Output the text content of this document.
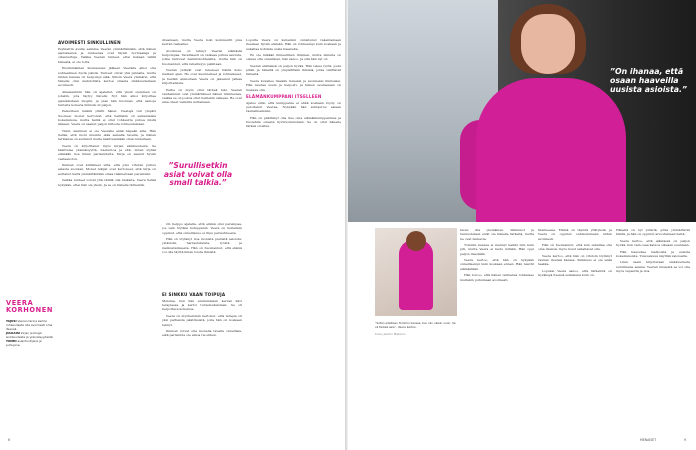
AVOIMESTI SINKULLINEN

Psykiatrin avulla saimme Veeran ymmärtämään, että hänen ajatuksensa ja tunteensa ovat täysin normaaleja ja oikeutettuja. Vaikka Veeran tunteet, ettei kukaan välitä hänestä, ei ole totta.

Ensimmäisten kuukausien jälkeen Veeralla alkoi olla suhteellisen hyviä päiviä. Tunteet olivat yhä pinnalla, mutta niiden kanssa oli helpompi elää. Silloin Veera ymmärsi, että hänelle olisi mahdollista kertoa omasta sinkkuudestaan avoimesti.

Aikaisemmin hän oli ajatellut, että yksin oleminen on jotakin, jota täytyy hävetä. Nyt hän alkoi kirjoittaa ajatuksistaan blogiin, ja pian hän huomasi, että samoja tunteita kokevia ihmisiä oli paljon.

Palautteen määrä yllätti hänet. Viestejä tuli ympäri Suomea: monet kertoivat, että heilläkin oli samanlaisia kokemuksia, mutta heillä ei ollut rohkeutta puhua niistä ääneen. Veera on saanut paljon kiitosta rohkeudestaan.

Yksin oleminen ei ole Veeralle enää häpeän aihe. Hän tietää, että moni muukin elää samalla tavalla, ja hänen tarinansa on auttanut muita käsittelemään omia tunteitaan.

Veera on kirjoittanut myös kirjan sinkkuudesta. Se käsittelee yksinäisyyttä, itsetuntoa ja sitä, miten löytää elämään iloa ilman parisuhdetta. Kirja on saanut hyvän vastaanoton.

Ihmiset ovat kiittäneet siitä, että joku vihdoin puhuu asiasta suoraan. Monet lukijat ovat kertoneet, että kirja on auttanut heitä ymmärtämään omaa tilannettaan paremmin.

Vaikka tunteet voivat yhä välillä olla raskaita, Veera tietää nykyään, ettei hän ole yksin. Ja se on hänelle tärkeintä.

dreamaan, mutta Veera koki kommentit joka kerran raskaiksi.

Avoimuus on tehnyt Veeran elämästä helpompaa. Tavallisesti on vaikeaa puhua asioista, jotka tuntuvat henkilökohtaisilta, mutta hän on huomannut, että rehellisyys palkitaan.

Veeran ystävät ovat tukeneet häntä koko matkan ajan. He ovat kuunnelleet ja rohkaisseet, ja heidän ansiostaan Veera on jaksanut jatkaa kirjoittamista.

Perhe on myös ollut tärkeä tuki. Veeran vanhemmat ovat ymmärtäneet hänen tilanteensa, vaikka se on joskus ollut heillekin vaikeaa. He ovat aina olleet valmiita auttamaan.

”Surullisetkin asiat voivat olla small talkia.”

On helppo ajatella, että elämä olisi parempaa, jos vain löytäisi kumppanin. Veera on kuitenkin oppinut, että onnellisuus ei riipu parisuhteesta.

Hän on löytänyt iloa monista pienistä asioista: ystävistä, harrastuksista, työstä ja matkustamisesta. Hän on huomannut, että elämä voi olla täyttä ilman toista ihmistä.

Lopulta Veera on kuitenkin onnistunut rakentamaan itselleen hyvän elämän. Hän on rohkeampi kuin koskaan ja uskaltaa kohdata uusia haasteita.

En ole mikään ihmeellinen ihminen, mutta minulla on oikeus olla onnellinen, hän sanoo. Ja sitä hän nyt on.

Veeran elämässä on paljon hyvää. Hän tekee työtä, josta pitää, ja hänellä on ympärillään ihmisiä, jotka välittävät hänestä.

Veera kuvailee itseään iloiseksi ja avoimeksi ihmiseksi. Hän nauraa usein ja helposti, ja hänen seurassaan on mukava olla.

ELÄMÄNKUMPPANI ITSELLEEN

Ajatus siitä, että kumppania ei ehkä koskaan löydy, on pelottanut Veeraa. Nykyään hän suhtautuu asiaan rauhallisemmin.

Hän on päättänyt olla itse oma elämänkumppaninsa ja huolehtia omasta hyvinvoinnistaan. Se on ollut hänelle tärkeä oivallus.

EI SINKKU VAAN TOIPUJA

Muistaa, kun hän ensimmäisen kerran kävi terapiassa ja kertoi tuntemuksistaan. Se oli helpottava kokemus.

Veera on myöhemmin kertonut, että terapia oli yksi parhaista päätöksistä, joita hän on koskaan tehnyt.

Ihmiset voivat olla monella tavalla onnellisia, eikä parisuhde ole ainoa tie siihen.

VEERA
KORHONEN
TAJUSI Veeran tarina kertoo rohkeudesta olla avoimesti oma itsensä.
JULKAISI kirjan ja blogin sinkkuudesta ja yksinäisyydestä.
TOIMII asiantuntijana ja puhujana.
6
”On ihanaa, että osaan haaveilla uusista asioista.”
”Sotan edellisen Tommin kanssa, kun olin oikein nuori. Se oli tärkeä asia”, Veera kertoo.
Kuva: Jasmin Mäkinen

kiven olla yksinäinen. Palkinnot ja tunnustukset eivät ole hänelle tärkeitä, mutta ne ovat mukavia.

Tommin kanssa ei mennyt kaikki niin kuin piti, mutta Veera ei kadu mitään. Hän oppi paljon itsestään.

Veera kertoo, että hän on nykyään onnellisempi kuin koskaan ennen. Hän nauttii elämästään.

Hän toivoo, että hänen tarinansa rohkaisee muitakin puhumaan avoimesti.

tilanteessa. Elämä on täynnä yllätyksiä, ja Veera on oppinut suhtautumaan niihin avoimesti.

Hän on huomannut, että kun uskaltaa olla oma itsensä, myös muut uskaltavat olla.

Veera kertoo, että hän on vihdoin löytänyt rauhan itsensä kanssa. Sinkkuus ei ole enää taakka.

Lopuksi Veera sanoo, että tärkeintä on hyväksyä itsensä sellaisena kuin on.

Hänellä on nyt ystäviä, jotka ymmärtävät häntä, ja hän on oppinut arvostamaan heitä.

Veera kertoo, että elämässä on paljon hyvää, kun vain osaa katsoa oikeaan suuntaan.

Hän haaveilee matkoista ja uusista kokemuksista. Tulevaisuus näyttää valoisalta.

Liian usein kirjoitetaan sinkkuudesta surullisena asiana. Veeran mielestä se voi olla myös vapautta ja iloa.

MENAISET	9
